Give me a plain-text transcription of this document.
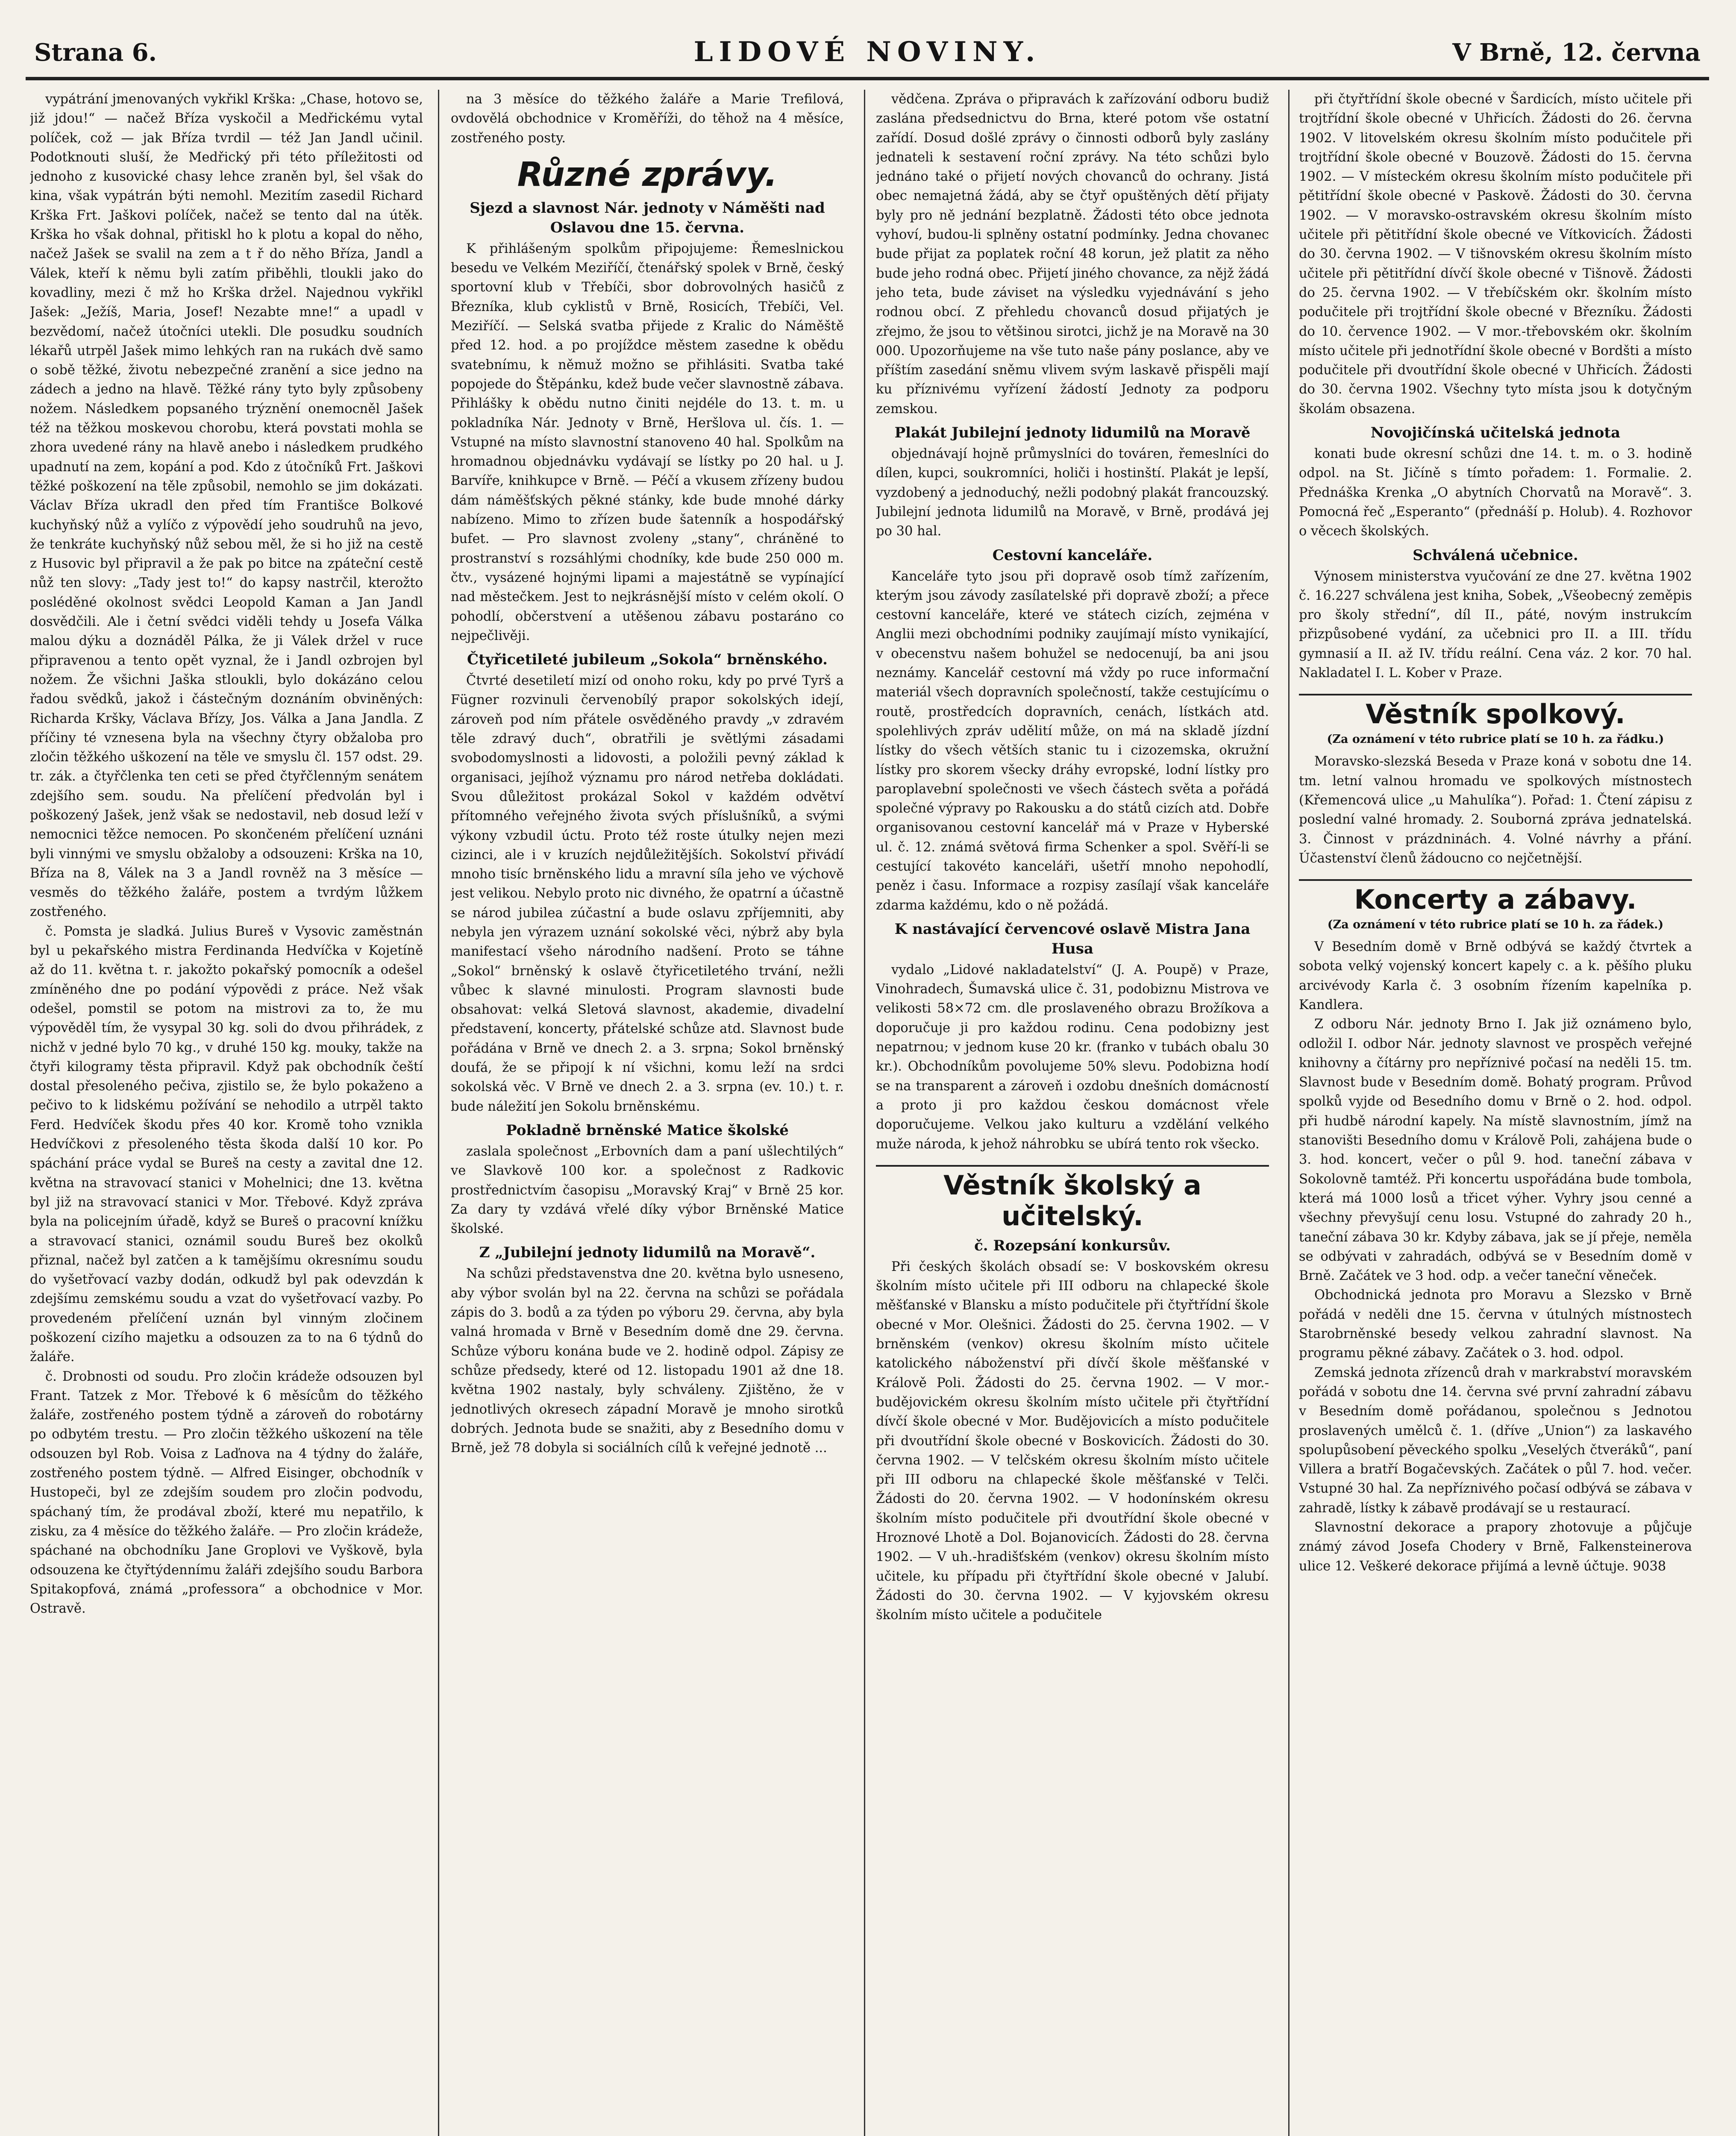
Strana 6.	LIDOVÉ NOVINY.	V Brně, 12. června

vypátrání jmenovaných vykřikl Krška: „Chase, hotovo se, již jdou!“ — načež Bříza vyskočil a Medřickému vytal políček, což — jak Bříza tvrdil — též Jan Jandl učinil. Podotknouti sluší, že Medřický při této příležitosti od jednoho z kusovické chasy lehce zraněn byl, šel však do kina, však vypátrán býti nemohl. Mezitím zasedil Richard Krška Frt. Jaškovi políček, načež se tento dal na útěk. Krška ho však dohnal, přitiskl ho k plotu a kopal do něho, načež Jašek se svalil na zem a t ř do něho Bříza, Jandl a Válek, kteří k němu byli zatím přiběhli, tloukli jako do kovadliny, mezi č mž ho Krška držel. Najednou vykřikl Jašek: „Ježíš, Maria, Josef! Nezabte mne!“ a upadl v bezvědomí, načež útočníci utekli. Dle posudku soudních lékařů utrpěl Jašek mimo lehkých ran na rukách dvě samo o sobě těžké, životu nebezpečné zranění a sice jedno na zádech a jedno na hlavě. Těžké rány tyto byly způsobeny nožem. Následkem popsaného trýznění onemocněl Jašek též na těžkou moskevou chorobu, která povstati mohla se zhora uvedené rány na hlavě anebo i následkem prudkého upadnutí na zem, kopání a pod. Kdo z útočníků Frt. Jaškovi těžké poškození na těle způsobil, nemohlo se jim dokázati. Václav Bříza ukradl den před tím Františce Bolkové kuchyňský nůž a vylíčo z výpovědí jeho soudruhů na jevo, že tenkráte kuchyňský nůž sebou měl, že si ho již na cestě z Husovic byl připravil a že pak po bitce na zpáteční cestě nůž ten slovy: „Tady jest to!“ do kapsy nastrčil, kterožto posléděné okolnost svědci Leopold Kaman a Jan Jandl dosvědčili. Ale i četní svědci viděli tehdy u Josefa Válka malou dýku a doznáděl Pálka, že ji Válek držel v ruce připravenou a tento opět vyznal, že i Jandl ozbrojen byl nožem. Že všichni Jaška stloukli, bylo dokázáno celou řadou svědků, jakož i částečným doznáním obviněných: Richarda Kršky, Václava Břízy, Jos. Válka a Jana Jandla. Z příčiny té vznesena byla na všechny čtyry obžaloba pro zločin těžkého uškození na těle ve smyslu čl. 157 odst. 29. tr. zák. a čtyřčlenka ten ceti se před čtyřčlenným senátem zdejšího sem. soudu. Na přelíčení předvolán byl i poškozený Jašek, jenž však se nedostavil, neb dosud leží v nemocnici těžce nemocen. Po skončeném přelíčení uznáni byli vinnými ve smyslu obžaloby a odsouzeni: Krška na 10, Bříza na 8, Válek na 3 a Jandl rovněž na 3 měsíce — vesměs do těžkého žaláře, postem a tvrdým lůžkem zostřeného.

č. Pomsta je sladká. Julius Bureš v Vysovic zaměstnán byl u pekařského mistra Ferdinanda Hedvíčka v Kojetíně až do 11. května t. r. jakožto pokařský pomocník a odešel zmíněného dne po podání výpovědi z práce. Než však odešel, pomstil se potom na mistrovi za to, že mu výpověděl tím, že vysypal 30 kg. soli do dvou přihrádek, z nichž v jedné bylo 70 kg., v druhé 150 kg. mouky, takže na čtyři kilogramy těsta připravil. Když pak obchodník čeští dostal přesoleného pečiva, zjistilo se, že bylo pokaženo a pečivo to k lidskému požívání se nehodilo a utrpěl takto Ferd. Hedvíček škodu přes 40 kor. Kromě toho vznikla Hedvíčkovi z přesoleného těsta škoda další 10 kor. Po spáchání práce vydal se Bureš na cesty a zavital dne 12. května na stravovací stanici v Mohelnici; dne 13. května byl již na stravovací stanici v Mor. Třebové. Když zpráva byla na policejním úřadě, když se Bureš o pracovní knížku a stravovací stanici, oznámil soudu Bureš bez okolků přiznal, načež byl zatčen a k tamějšímu okresnímu soudu do vyšetřovací vazby dodán, odkudž byl pak odevzdán k zdejšímu zemskému soudu a vzat do vyšetřovací vazby. Po provedeném přelíčení uznán byl vinným zločinem poškození cizího majetku a odsouzen za to na 6 týdnů do žaláře.

č. Drobnosti od soudu. Pro zločin krádeže odsouzen byl Frant. Tatzek z Mor. Třebové k 6 měsícům do těžkého žaláře, zostřeného postem týdně a zároveň do robotárny po odbytém trestu. — Pro zločin těžkého uškození na těle odsouzen byl Rob. Voisa z Laďnova na 4 týdny do žaláře, zostřeného postem týdně. — Alfred Eisinger, obchodník v Hustopeči, byl ze zdejším soudem pro zločin podvodu, spáchaný tím, že prodával zboží, které mu nepatřilo, k zisku, za 4 měsíce do těžkého žaláře. — Pro zločin krádeže, spáchané na obchodníku Jane Groplovi ve Vyškově, byla odsouzena ke čtyřtýdennímu žaláři zdejšího soudu Barbora Spitakopfová, známá „professora“ a obchodnice v Mor. Ostravě.

na 3 měsíce do těžkého žaláře a Marie Trefilová, ovdovělá obchodnice v Kroměříži, do těhož na 4 měsíce, zostřeného posty.

Různé zprávy.
Sjezd a slavnost Nár. jednoty v Náměšti nad Oslavou dne 15. června.

K přihlášeným spolkům připojujeme: Řemeslnickou besedu ve Velkém Meziříčí, čtenářský spolek v Brně, český sportovní klub v Třebíči, sbor dobrovolných hasičů z Březníka, klub cyklistů v Brně, Rosicích, Třebíči, Vel. Meziříčí. — Selská svatba přijede z Kralic do Náměště před 12. hod. a po projíždce městem zasedne k obědu svatebnímu, k němuž možno se přihlásiti. Svatba také popojede do Štěpánku, kdež bude večer slavnostně zábava. Přihlášky k obědu nutno činiti nejdéle do 13. t. m. u pokladníka Nár. Jednoty v Brně, Heršlova ul. čís. 1. — Vstupné na místo slavnostní stanoveno 40 hal. Spolkům na hromadnou objednávku vydávají se lístky po 20 hal. u J. Barvíře, knihkupce v Brně. — Péčí a vkusem zřízeny budou dám náměšťských pěkné stánky, kde bude mnohé dárky nabízeno. Mimo to zřízen bude šatenník a hospodářský bufet. — Pro slavnost zvoleny „stany“, chráněné to prostranství s rozsáhlými chodníky, kde bude 250 000 m. čtv., vysázené hojnými lipami a majestátně se vypínající nad městečkem. Jest to nejkrásnější místo v celém okolí. O pohodlí, občerstvení a utěšenou zábavu postaráno co nejpečlivěji.

Čtyřicetileté jubileum „Sokola“ brněnského.

Čtvrté desetiletí mizí od onoho roku, kdy po prvé Tyrš a Fügner rozvinuli červenobílý prapor sokolských idejí, zároveň pod ním přátele osvěděného pravdy „v zdravém těle zdravý duch“, obratřili je světlými zásadami svobodomyslnosti a lidovosti, a položili pevný základ k organisaci, jejíhož významu pro národ netřeba dokládati. Svou důležitost prokázal Sokol v každém odvětví přítomného veřejného života svých příslušníků, a svými výkony vzbudil úctu. Proto též roste útulky nejen mezi cizinci, ale i v kruzích nejdůležitějších. Sokolství přivádí mnoho tisíc brněnského lidu a mravní síla jeho ve výchově jest velikou. Nebylo proto nic divného, že opatrní a účastně se národ jubilea zúčastní a bude oslavu zpříjemniti, aby nebyla jen výrazem uznání sokolské věci, nýbrž aby byla manifestací všeho národního nadšení. Proto se táhne „Sokol“ brněnský k oslavě čtyřicetiletého trvání, nežli vůbec k slavné minulosti. Program slavnosti bude obsahovat: velká Sletová slavnost, akademie, divadelní představení, koncerty, přátelské schůze atd. Slavnost bude pořádána v Brně ve dnech 2. a 3. srpna; Sokol brněnský doufá, že se připojí k ní všichni, komu leží na srdci sokolská věc. V Brně ve dnech 2. a 3. srpna (ev. 10.) t. r. bude náležití jen Sokolu brněnskému.

Pokladně brněnské Matice školské

zaslala společnost „Erbovních dam a paní ušlechtilých“ ve Slavkově 100 kor. a společnost z Radkovic prostřednictvím časopisu „Moravský Kraj“ v Brně 25 kor. Za dary ty vzdává vřelé díky výbor Brněnské Matice školské.

Z „Jubilejní jednoty lidumilů na Moravě“.

Na schůzi představenstva dne 20. května bylo usneseno, aby výbor svolán byl na 22. června na schůzi se pořádala zápis do 3. bodů a za týden po výboru 29. června, aby byla valná hromada v Brně v Besedním domě dne 29. června. Schůze výboru konána bude ve 2. hodině odpol. Zápisy ze schůze předsedy, které od 12. listopadu 1901 až dne 18. května 1902 nastaly, byly schváleny. Zjištěno, že v jednotlivých okresech západní Moravě je mnoho sirotků dobrých. Jednota bude se snažiti, aby z Besedního domu v Brně, jež 78 dobyla si sociálních cílů k veřejné jednotě ...

vědčena. Zpráva o připravách k zařízování odboru budiž zaslána předsednictvu do Brna, které potom vše ostatní zařídí. Dosud došlé zprávy o činnosti odborů byly zaslány jednateli k sestavení roční zprávy. Na této schůzi bylo jednáno také o přijetí nových chovanců do ochrany. Jistá obec nemajetná žádá, aby se čtyř opuštěných dětí přijaty byly pro ně jednání bezplatně. Žádosti této obce jednota vyhoví, budou-li splněny ostatní podmínky. Jedna chovanec bude přijat za poplatek roční 48 korun, jež platit za něho bude jeho rodná obec. Přijetí jiného chovance, za nějž žádá jeho teta, bude záviset na výsledku vyjednávání s jeho rodnou obcí. Z přehledu chovanců dosud přijatých je zřejmo, že jsou to většinou sirotci, jichž je na Moravě na 30 000. Upozorňujeme na vše tuto naše pány poslance, aby ve příštím zasedání sněmu vlivem svým laskavě přispěli mají ku příznivému vyřízení žádostí Jednoty za podporu zemskou.

Plakát Jubilejní jednoty lidumilů na Moravě

objednávají hojně průmyslníci do továren, řemeslníci do dílen, kupci, soukromníci, holiči i hostinští. Plakát je lepší, vyzdobený a jednoduchý, nežli podobný plakát francouzský. Jubilejní jednota lidumilů na Moravě, v Brně, prodává jej po 30 hal.

Cestovní kanceláře.

Kanceláře tyto jsou při dopravě osob tímž zařízením, kterým jsou závody zasílatelské při dopravě zboží; a přece cestovní kanceláře, které ve státech cizích, zejména v Anglii mezi obchodními podniky zaujímají místo vynikající, v obecenstvu našem bohužel se nedocenují, ba ani jsou neznámy. Kancelář cestovní má vždy po ruce informační materiál všech dopravních společností, takže cestujícímu o routě, prostředcích dopravních, cenách, lístkách atd. spolehlivých zpráv udělití může, on má na skladě jízdní lístky do všech větších stanic tu i cizozemska, okružní lístky pro skorem všecky dráhy evropské, lodní lístky pro paroplavební společnosti ve všech částech světa a pořádá společné výpravy po Rakousku a do států cizích atd. Dobře organisovanou cestovní kancelář má v Praze v Hyberské ul. č. 12. známá světová firma Schenker a spol. Svěří-li se cestující takovéto kanceláři, ušetří mnoho nepohodlí, peněz i času. Informace a rozpisy zasílají však kanceláře zdarma každému, kdo o ně požádá.

K nastávající červencové oslavě Mistra Jana Husa

vydalo „Lidové nakladatelství“ (J. A. Poupě) v Praze, Vinohradech, Šumavská ulice č. 31, podobiznu Mistrova ve velikosti 58×72 cm. dle proslaveného obrazu Brožíkova a doporučuje ji pro každou rodinu. Cena podobizny jest nepatrnou; v jednom kuse 20 kr. (franko v tubách obalu 30 kr.). Obchodníkům povolujeme 50% slevu. Podobizna hodí se na transparent a zároveň i ozdobu dnešních domácností a proto ji pro každou českou domácnost vřele doporučujeme. Velkou jako kulturu a vzdělání velkého muže národa, k jehož náhrobku se ubírá tento rok všecko.

Věstník školský a učitelský.
č. Rozepsání konkursův.

Při českých školách obsadí se: V boskovském okresu školním místo učitele při III odboru na chlapecké škole měšťanské v Blansku a místo podučitele při čtyřtřídní škole obecné v Mor. Olešnici. Žádosti do 25. června 1902. — V brněnském (venkov) okresu školním místo učitele katolického náboženství při dívčí škole měšťanské v Králově Poli. Žádosti do 25. června 1902. — V mor.-budějovickém okresu školním místo učitele při čtyřtřídní dívčí škole obecné v Mor. Budějovicích a místo podučitele při dvoutřídní škole obecné v Boskovicích. Žádosti do 30. června 1902. — V telčském okresu školním místo učitele při III odboru na chlapecké škole měšťanské v Telči. Žádosti do 20. června 1902. — V hodonínském okresu školním místo podučitele při dvoutřídní škole obecné v Hroznové Lhotě a Dol. Bojanovicích. Žádosti do 28. června 1902. — V uh.-hradišťském (venkov) okresu školním místo učitele, ku případu při čtyřtřídní škole obecné v Jalubí. Žádosti do 30. června 1902. — V kyjovském okresu školním místo učitele a podučitele

při čtyřtřídní škole obecné v Šardicích, místo učitele při trojtřídní škole obecné v Uhřicích. Žádosti do 26. června 1902. V litovelském okresu školním místo podučitele při trojtřídní škole obecné v Bouzově. Žádosti do 15. června 1902. — V místeckém okresu školním místo podučitele při pětitřídní škole obecné v Paskově. Žádosti do 30. června 1902. — V moravsko-ostravském okresu školním místo učitele při pětitřídní škole obecné ve Vítkovicích. Žádosti do 30. června 1902. — V tišnovském okresu školním místo učitele při pětitřídní dívčí škole obecné v Tišnově. Žádosti do 25. června 1902. — V třebíčském okr. školním místo podučitele při trojtřídní škole obecné v Březníku. Žádosti do 10. července 1902. — V mor.-třebovském okr. školním místo učitele při jednotřídní škole obecné v Bordšti a místo podučitele při dvoutřídní škole obecné v Uhřicích. Žádosti do 30. června 1902. Všechny tyto místa jsou k dotyčným školám obsazena.

Novojičínská učitelská jednota

konati bude okresní schůzi dne 14. t. m. o 3. hodině odpol. na St. Jičíně s tímto pořadem: 1. Formalie. 2. Přednáška Krenka „O abytních Chorvatů na Moravě“. 3. Pomocná řeč „Esperanto“ (přednáší p. Holub). 4. Rozhovor o věcech školských.

Schválená učebnice.

Výnosem ministerstva vyučování ze dne 27. května 1902 č. 16.227 schválena jest kniha, Sobek, „Všeobecný zeměpis pro školy střední“, díl II., páté, novým instrukcím přizpůsobené vydání, za učebnici pro II. a III. třídu gymnasií a II. až IV. třídu reální. Cena váz. 2 kor. 70 hal. Nakladatel I. L. Kober v Praze.

Věstník spolkový.
(Za oznámení v této rubrice platí se 10 h. za řádku.)

Moravsko-slezská Beseda v Praze koná v sobotu dne 14. tm. letní valnou hromadu ve spolkových místnostech (Křemencová ulice „u Mahulíka“). Pořad: 1. Čtení zápisu z poslední valné hromady. 2. Souborná zpráva jednatelská. 3. Činnost v prázdninách. 4. Volné návrhy a přání. Účastenství členů žádoucno co nejčetnější.

Koncerty a zábavy.
(Za oznámení v této rubrice platí se 10 h. za řádek.)

V Besedním domě v Brně odbývá se každý čtvrtek a sobota velký vojenský koncert kapely c. a k. pěšího pluku arcivévody Karla č. 3 osobním řízením kapelníka p. Kandlera.

Z odboru Nár. jednoty Brno I. Jak již oznámeno bylo, odložil I. odbor Nár. jednoty slavnost ve prospěch veřejné knihovny a čítárny pro nepříznivé počasí na neděli 15. tm. Slavnost bude v Besedním domě. Bohatý program. Průvod spolků vyjde od Besedního domu v Brně o 2. hod. odpol. při hudbě národní kapely. Na místě slavnostním, jímž na stanovišti Besedního domu v Králově Poli, zahájena bude o 3. hod. koncert, večer o půl 9. hod. taneční zábava v Sokolovně tamtéž. Při koncertu uspořádána bude tombola, která má 1000 losů a třicet výher. Vyhry jsou cenné a všechny převyšují cenu losu. Vstupné do zahrady 20 h., taneční zábava 30 kr. Kdyby zábava, jak se jí přeje, neměla se odbývati v zahradách, odbývá se v Besedním domě v Brně. Začátek ve 3 hod. odp. a večer taneční věneček.

Obchodnická jednota pro Moravu a Slezsko v Brně pořádá v neděli dne 15. června v útulných místnostech Starobrněnské besedy velkou zahradní slavnost. Na programu pěkné zábavy. Začátek o 3. hod. odpol.

Zemská jednota zřízenců drah v markrabství moravském pořádá v sobotu dne 14. června své první zahradní zábavu v Besedním domě pořádanou, společnou s Jednotou proslavených umělců č. 1. (dříve „Union“) za laskavého spolupůsobení pěveckého spolku „Veselých čtveráků“, paní Villera a bratří Bogačevských. Začátek o půl 7. hod. večer. Vstupné 30 hal. Za nepříznivého počasí odbývá se zábava v zahradě, lístky k zábavě prodávají se u restaurací.

Slavnostní dekorace a prapory zhotovuje a půjčuje známý závod Josefa Chodery v Brně, Falkensteinerova ulice 12. Veškeré dekorace přijímá a levně účtuje. 9038
